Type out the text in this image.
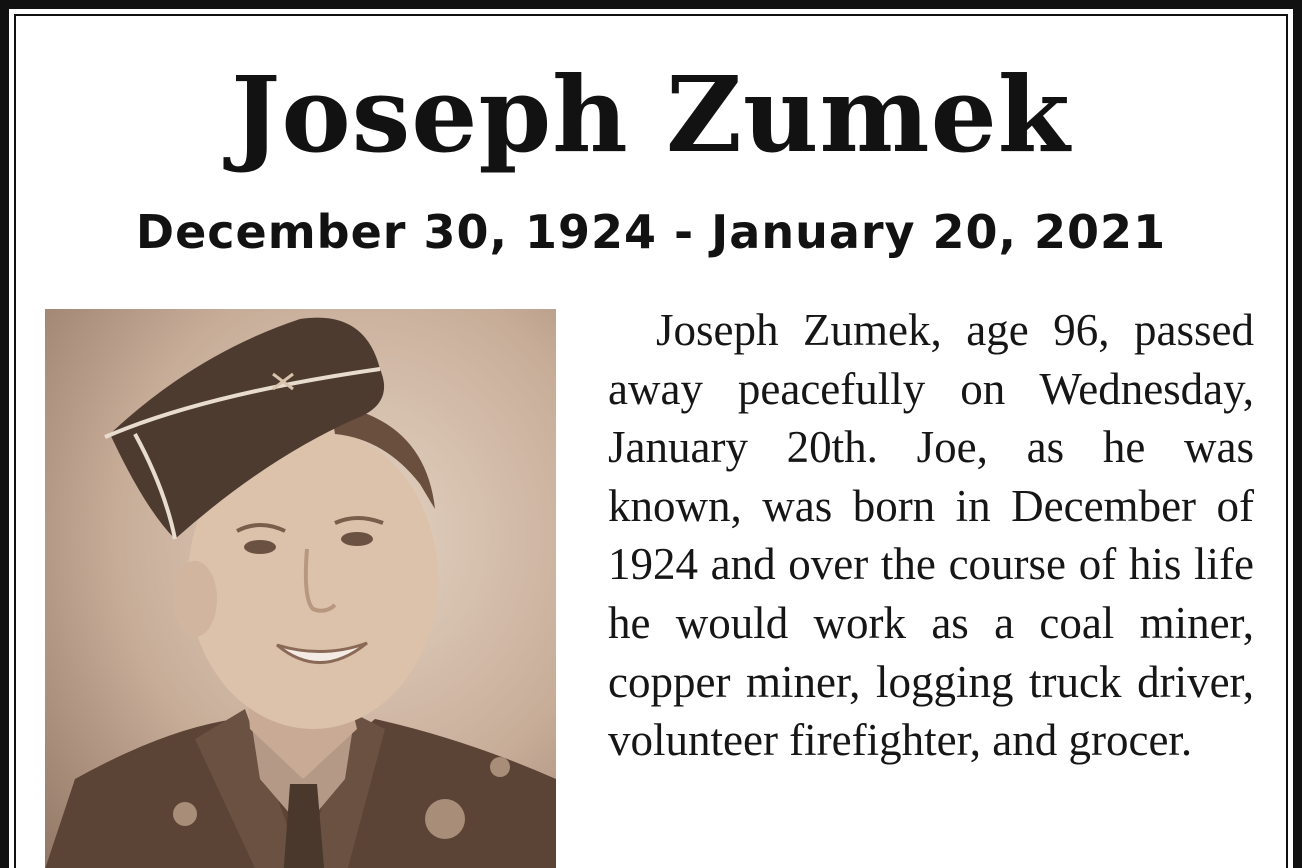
Joseph Zumek
December 30, 1924 - January 20, 2021

Joseph Zumek, age 96, passed away peacefully on Wednesday, January 20th. Joe, as he was known, was born in December of 1924 and over the course of his life he would work as a coal miner, copper miner, logging truck driver, volunteer firefighter, and grocer.
